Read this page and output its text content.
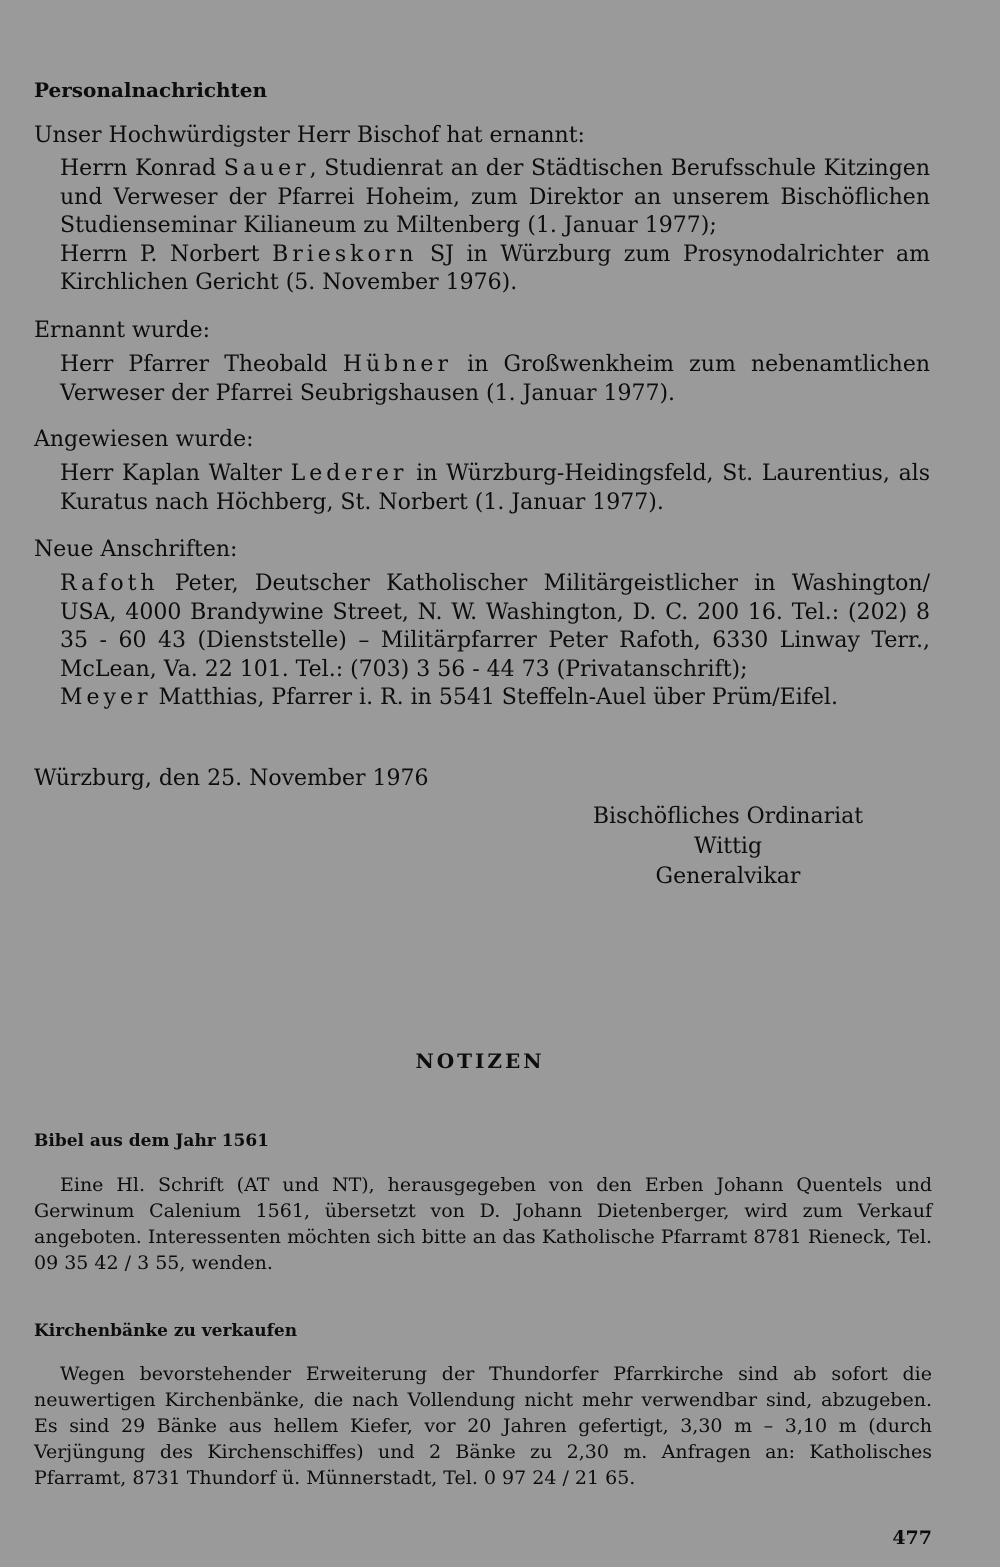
Personalnachrichten
Unser Hochwürdigster Herr Bischof hat ernannt:

Herrn Konrad Sauer, Studienrat an der Städtischen Berufsschule Kitzingen und Verweser der Pfarrei Hoheim, zum Direktor an unserem Bischöflichen Studienseminar Kilianeum zu Miltenberg (1. Januar 1977);

Herrn P. Norbert Brieskorn SJ in Würzburg zum Prosynodalrichter am Kirchlichen Gericht (5. November 1976).

Ernannt wurde:

Herr Pfarrer Theobald Hübner in Großwenkheim zum nebenamtlichen Verweser der Pfarrei Seubrigshausen (1. Januar 1977).

Angewiesen wurde:

Herr Kaplan Walter Lederer in Würzburg-Heidingsfeld, St. Laurentius, als Kuratus nach Höchberg, St. Norbert (1. Januar 1977).

Neue Anschriften:

Rafoth Peter, Deutscher Katholischer Militärgeistlicher in Washington/ USA, 4000 Brandywine Street, N. W. Washington, D. C. 200 16. Tel.: (202) 8 35 - 60 43 (Dienststelle) – Militärpfarrer Peter Rafoth, 6330 Linway Terr., McLean, Va. 22 101. Tel.: (703) 3 56 - 44 73 (Privatanschrift);

Meyer Matthias, Pfarrer i. R. in 5541 Steffeln-Auel über Prüm/Eifel.

Würzburg, den 25. November 1976
Bischöfliches Ordinariat
Wittig
Generalvikar
NOTIZEN
Bibel aus dem Jahr 1561
Eine Hl. Schrift (AT und NT), herausgegeben von den Erben Johann Quentels und Gerwinum Calenium 1561, übersetzt von D. Johann Dietenberger, wird zum Verkauf angeboten. Interessenten möchten sich bitte an das Katholische Pfarramt 8781 Rieneck, Tel. 09 35 42 / 3 55, wenden.
Kirchenbänke zu verkaufen
Wegen bevorstehender Erweiterung der Thundorfer Pfarrkirche sind ab sofort die neuwertigen Kirchenbänke, die nach Vollendung nicht mehr verwendbar sind, abzugeben. Es sind 29 Bänke aus hellem Kiefer, vor 20 Jahren gefertigt, 3,30 m – 3,10 m (durch Verjüngung des Kirchenschiffes) und 2 Bänke zu 2,30 m. Anfragen an: Katholisches Pfarramt, 8731 Thundorf ü. Münnerstadt, Tel. 0 97 24 / 21 65.
477
